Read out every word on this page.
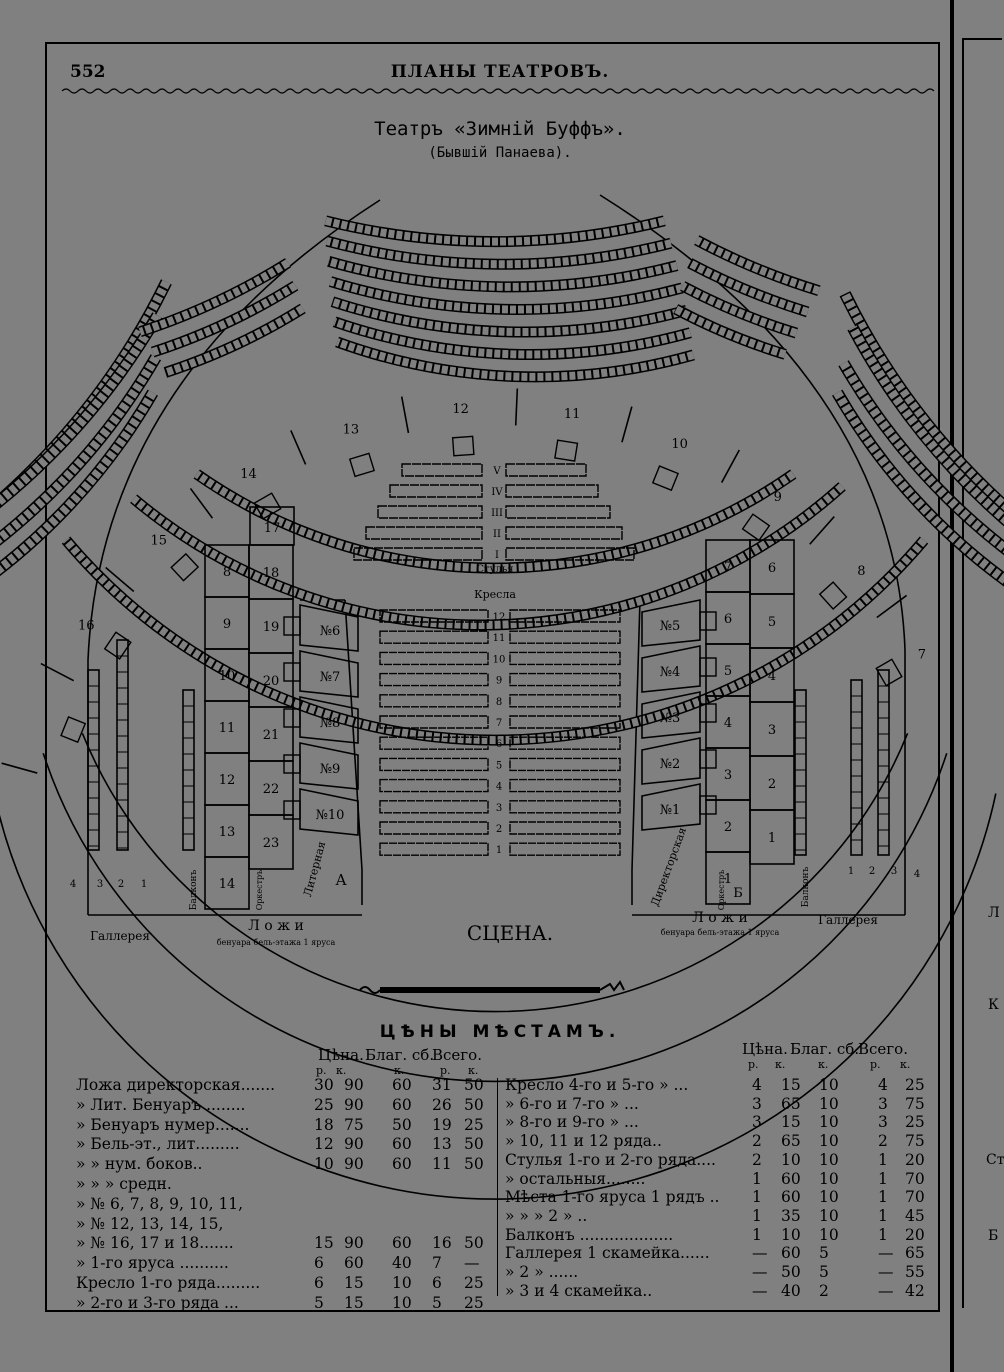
Л
К
Ст
Б
552	ПЛАНЫ ТЕАТРОВЪ.
Театръ «Зимній Буффъ».
(Бывшій Панаева).
16
15
14
13
12	11
10
9
8
7
8
9
10
11
12
13
14
18
19
20
21
22
23
7
6
5
4
3
2
1
6
5
4
3
2
1
№6
№7
№8
№9
№10
№5
№4
№3
№2
№1
V
IV
III
II
I
Стулья
Кресла
12
11
10
9
8
7
6
5
4
3
2
1
17
А
Б
Литерная	Директорская
Оркестръ	Оркестръ
Балконъ	Балконъ
4 3 2 1
4
3
2
1
СЦЕНА.
Галлерея
Галлерея
Л о ж и	Л о ж и
бенуара бель-этажа 1 яруса
бенуара бель-этажа 1 яруса
ЦѢНЫ МѢСТАМЪ.
Цѣна. Благ. сб.
Всего.
р. к.	к.	р. к.
Цѣна. Благ. сб.
Всего.
р. к.	к.	р. к.
Ложа директорская.......	30 90 60 31 50
» Лит. Бенуаръ ........	25 90 60 26 50
» Бенуаръ нумер.......	18 75 50 19 25
» Бель-эт., лит.........	12 90 60 13 50
» » нум. боков..	10 90 60 11 50
» » » средн.
» № 6, 7, 8, 9, 10, 11,
» № 12, 13, 14, 15,
» № 16, 17 и 18.......	15 90 60 16 50
» 1-го яруса ..........	6 60 40 7 —
Кресло 1-го ряда.........	6 15 10 6 25
» 2-го и 3-го ряда ...	5 15 10 5 25
Кресло 4-го и 5-го » ...	4 15 10	4 25
» 6-го и 7-го » ...	3 65 10	3 75
» 8-го и 9-го » ...	3 15 10	3 25
» 10, 11 и 12 ряда..	2 65 10	2 75
Стулья 1-го и 2-го ряда.... 2 10 10	1 20
» остальныя........	1 60 10	1 70
Мѣста 1-го яруса 1 рядъ .. 1 60 10	1 70
» » » 2 » ..	1 35 10	1 45
Балконъ ...................	1 10 10	1 20
Галлерея 1 скамейка......	— 60 5	— 65
» 2 » ......	— 50 5	— 55
» 3 и 4 скамейка..	— 40 2	— 42
